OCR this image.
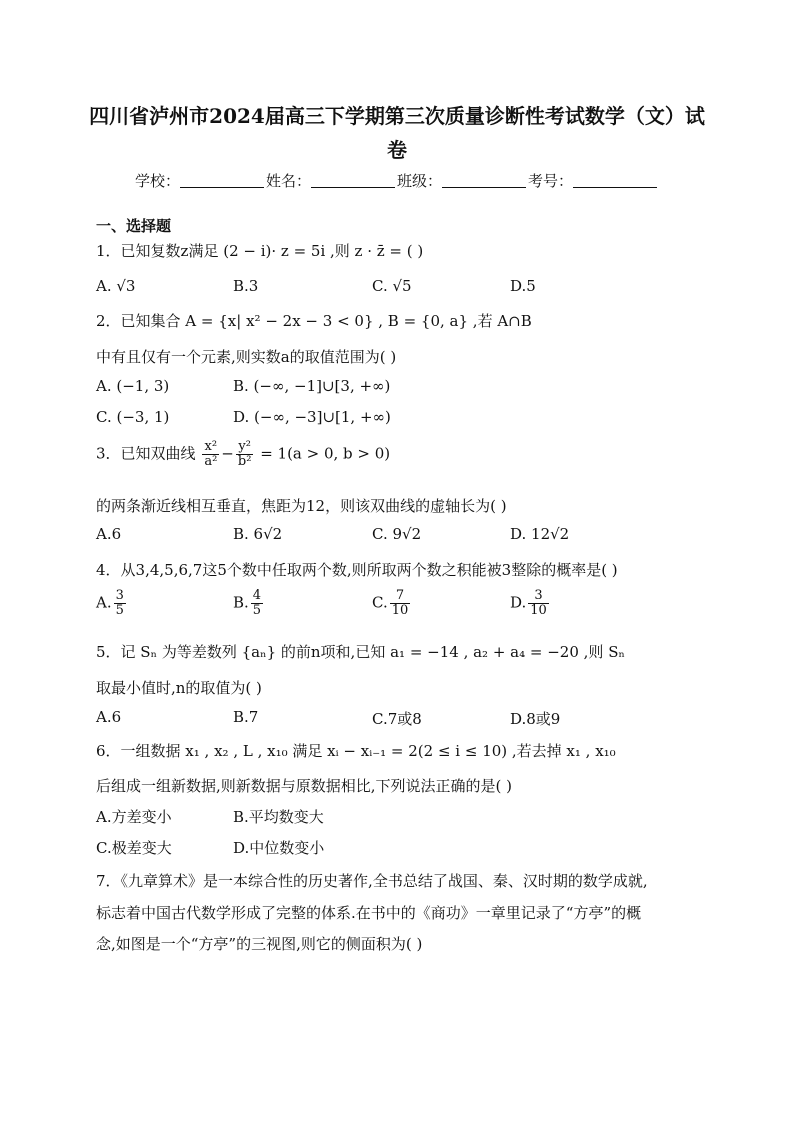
四川省泸州市2024届高三下学期第三次质量诊断性考试数学（文）试
卷
学校：	姓名：	班级：	考号：
一、选择题
1．已知复数z满足 (2 − i)· z = 5i ,则 z · z̄ = ( )
A. √3	B.3	C. √5	D.5
2．已知集合 A = {x| x² − 2x − 3 < 0} , B = {0, a} ,若 A∩B
中有且仅有一个元素,则实数a的取值范围为( )
A. (−1, 3)	B. (−∞, −1]∪[3, +∞)
C. (−3, 1)	D. (−∞, −3]∪[1, +∞)
3．已知双曲线 $\frac{\text{x²}}{\text{a²}} - \frac{\text{y²}}{\text{b²}} = 1(a > 0$, b > 0)
的两条渐近线相互垂直，焦距为12，则该双曲线的虚轴长为( )
A.6	B. 6√2	C. 9√2	D. 12√2
4．从3,4,5,6,7这5个数中任取两个数,则所取两个数之积能被3整除的概率是( )
A. $\frac{3}{5}$	B. $\frac{4}{5}$	C. $\frac{7}{10}$	D. $\frac{3}{10}$
5．记 Sₙ 为等差数列 {aₙ} 的前n项和,已知 a₁ = −14 , a₂ + a₄ = −20 ,则 Sₙ
取最小值时,n的取值为( )
A.6	B.7	C.7或8	D.8或9
6．一组数据 x₁ , x₂ , L , x₁₀ 满足 xᵢ − xᵢ₋₁ = 2(2 ≤ i ≤ 10) ,若去掉 x₁ , x₁₀
后组成一组新数据,则新数据与原数据相比,下列说法正确的是( )
A.方差变小	B.平均数变大
C.极差变大	D.中位数变小
7．《九章算术》是一本综合性的历史著作,全书总结了战国、秦、汉时期的数学成就,
标志着中国古代数学形成了完整的体系.在书中的《商功》一章里记录了“方亭”的概
念,如图是一个“方亭”的三视图,则它的侧面积为( )
